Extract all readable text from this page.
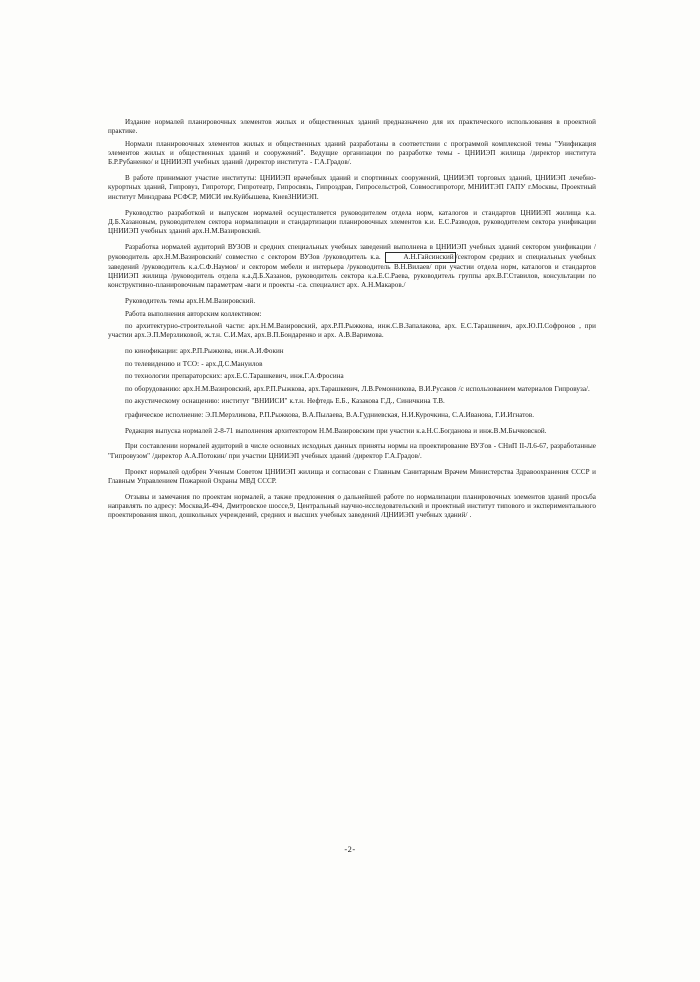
Издание нормалей планировочных элементов жилых и общественных зданий предназначено для их практического использования в проектной практике.

Нормали планировочных элементов жилых и общественных зданий разработаны в соответствии с программой комплексной темы "Унификация элементов жилых и общественных зданий и сооружений". Ведущие организации по разработке темы - ЦНИИЭП жилища /директор института Б.Р.Рубаненко/ и ЦНИИЭП учебных зданий /директор института - Г.А.Градов/.

В работе принимают участие институты: ЦНИИЭП врачебных зданий и спортивных сооружений, ЦНИИЭП торговых зданий, ЦНИИЭП лечебно-курортных зданий, Гипровуз, Гипроторг, Гипротеатр, Гипросвязь, Гипроздрав, Гипросельстрой, Совмосгипроторг, МНИИТЭП ГАПУ г.Москвы, Проектный институт Минздрава РСФСР, МИСИ им.Куйбышева, КиевЗНИИЭП.

Руководство разработкой и выпуском нормалей осуществляется руководителем отдела норм, каталогов и стандартов ЦНИИЭП жилища к.а. Д.Б.Хазановым, руководителем сектора нормализации и стандартизации планировочных элементов к.и. Е.С.Разводов, руководителем сектора унификации ЦНИИЭП учебных зданий арх.Н.М.Вазировский.

Разработка нормалей аудиторий ВУЗОВ и средних специальных учебных заведений выполнена в ЦНИИЭП учебных зданий сектором унификации /руководитель арх.Н.М.Вазировский/ совместно с сектором ВУЗов /руководитель к.а.	А.Н.Гайсинский /сектором средних и специальных учебных заведений /руководитель к.а.С.Ф.Наумов/ и сектором мебели и интерьера /руководитель В.Н.Вилаев/ при участии отдела норм, каталогов и стандартов ЦНИИЭП жилища /руководитель отдела к.а.Д.Б.Хазанов, руководитель сектора к.а.Е.С.Раева, руководитель группы арх.В.Г.Ставилов, консультации по конструктивно-планировочным параметрам -ваги и проекты -г.а. специалист арх. А.Н.Макаров./

Руководитель темы арх.Н.М.Вазировский.

Работа выполнения авторским коллективом:

по архитектурно-строительной части: арх.Н.М.Вазировский, арх.Р.П.Рыжкова, инж.С.В.Запалакова, арх. Е.С.Тарашкевич, арх.Ю.П.Софронов , при участии арх.Э.П.Мерзликовой, ж.т.н. С.И.Мах, арх.В.П.Бондаренко и арх. А.В.Варимова.

по кинофикации: арх.Р.П.Рыжкова, инж.А.И.Фокин

по телевидению и ТСО: - арх.Д.С.Мануилов

по технологии препараторских: арх.Е.С.Тарашкевич, инж.Г.А.Фросина

по оборудованию: арх.Н.М.Вазировский, арх.Р.П.Рыжкова, арх.Тарашкевич, Л.В.Ремонникова, В.И.Русаков /с использованием материалов Гипровуза/.

по акустическому оснащению: институт "ВНИИСИ" к.т.н. Нефтедь Е.Б., Казакова Г.Д., Синичкина Т.В.

графическое исполнение: Э.П.Мерзликова, Р.П.Рыжкова, В.А.Пылаева, В.А.Гудниевская, Н.И.Курочкина, С.А.Иванова, Г.И.Игнатов.

Редакция выпуска нормалей 2-8-71 выполнения архитектором Н.М.Вазировским при участии к.а.Н.С.Богданова и инж.В.М.Бычковской.

При составлении нормалей аудиторий в числе основных исходных данных приняты нормы на проектирование ВУЗ'ов - СНиП II-Л.6-67, разработанные "Гипровузом" /директор А.А.Потокин/ при участии ЦНИИЭП учебных зданий /директор Г.А.Градов/.

Проект нормалей одобрен Ученым Советом ЦНИИЭП жилища и согласован с Главным Санитарным Врачем Министерства Здравоохранения СССР и Главным Управлением Пожарной Охраны МВД СССР.

Отзывы и замечания по проектам нормалей, а также предложения о дальнейшей работе по нормализации планировочных элементов зданий просьба направлять по адресу: Москва,И-494, Дмитровское шоссе,9, Центральный научно-исследовательский и проектный институт типового и экспериментального проектирования школ, дошкольных учреждений, средних и высших учебных заведений /ЦНИИЭП учебных зданий/ .

-2-
